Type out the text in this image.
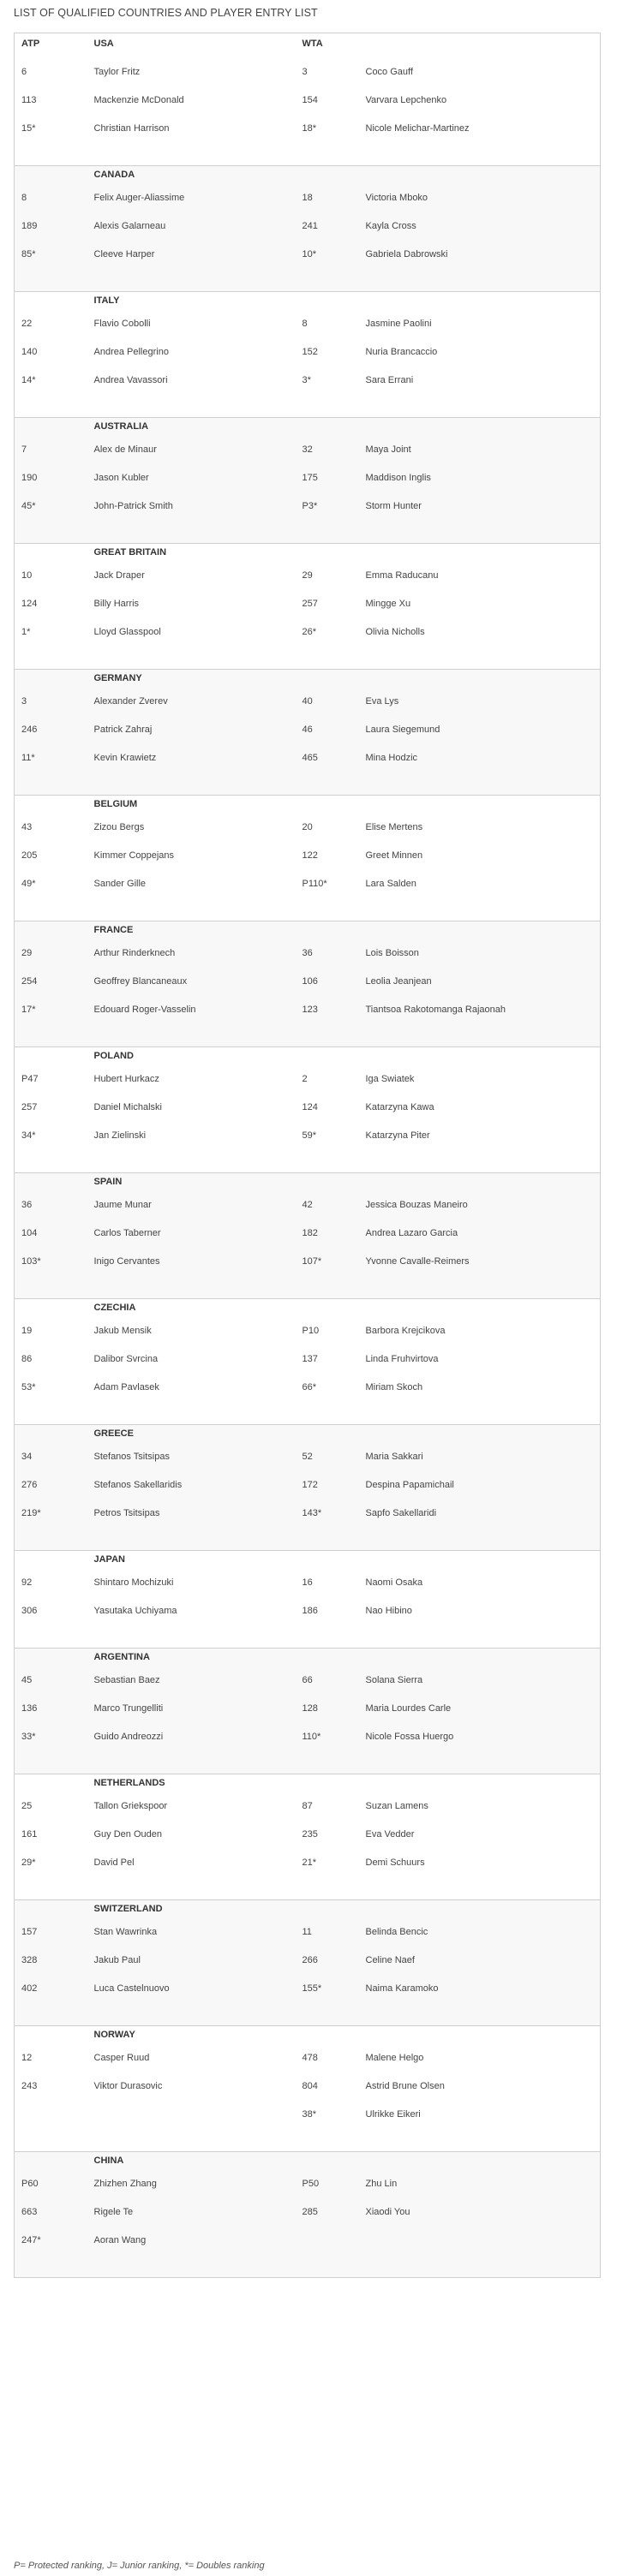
LIST OF QUALIFIED COUNTRIES AND PLAYER ENTRY LIST
ATP	USA	WTA	

6	Taylor Fritz	3	Coco Gauff
113	Mackenzie McDonald	154	Varvara Lepchenko
15*	Christian Harrison	18*	Nicole Melichar-Martinez

	CANADA		
8	Felix Auger-Aliassime	18	Victoria Mboko
189	Alexis Galarneau	241	Kayla Cross
85*	Cleeve Harper	10*	Gabriela Dabrowski

	ITALY		
22	Flavio Cobolli	8	Jasmine Paolini
140	Andrea Pellegrino	152	Nuria Brancaccio
14*	Andrea Vavassori	3*	Sara Errani

	AUSTRALIA		
7	Alex de Minaur	32	Maya Joint
190	Jason Kubler	175	Maddison Inglis
45*	John-Patrick Smith	P3*	Storm Hunter

	GREAT BRITAIN		
10	Jack Draper	29	Emma Raducanu
124	Billy Harris	257	Mingge Xu
1*	Lloyd Glasspool	26*	Olivia Nicholls

	GERMANY		
3	Alexander Zverev	40	Eva Lys
246	Patrick Zahraj	46	Laura Siegemund
11*	Kevin Krawietz	465	Mina Hodzic

	BELGIUM		
43	Zizou Bergs	20	Elise Mertens
205	Kimmer Coppejans	122	Greet Minnen
49*	Sander Gille	P110*	Lara Salden

	FRANCE		
29	Arthur Rinderknech	36	Lois Boisson
254	Geoffrey Blancaneaux	106	Leolia Jeanjean
17*	Edouard Roger-Vasselin	123	Tiantsoa Rakotomanga Rajaonah

	POLAND		
P47	Hubert Hurkacz	2	Iga Swiatek
257	Daniel Michalski	124	Katarzyna Kawa
34*	Jan Zielinski	59*	Katarzyna Piter

	SPAIN		
36	Jaume Munar	42	Jessica Bouzas Maneiro
104	Carlos Taberner	182	Andrea Lazaro Garcia
103*	Inigo Cervantes	107*	Yvonne Cavalle-Reimers

	CZECHIA		
19	Jakub Mensik	P10	Barbora Krejcikova
86	Dalibor Svrcina	137	Linda Fruhvirtova
53*	Adam Pavlasek	66*	Miriam Skoch

	GREECE		
34	Stefanos Tsitsipas	52	Maria Sakkari
276	Stefanos Sakellaridis	172	Despina Papamichail
219*	Petros Tsitsipas	143*	Sapfo Sakellaridi

	JAPAN		
92	Shintaro Mochizuki	16	Naomi Osaka
306	Yasutaka Uchiyama	186	Nao Hibino

	ARGENTINA		
45	Sebastian Baez	66	Solana Sierra
136	Marco Trungelliti	128	Maria Lourdes Carle
33*	Guido Andreozzi	110*	Nicole Fossa Huergo

	NETHERLANDS		
25	Tallon Griekspoor	87	Suzan Lamens
161	Guy Den Ouden	235	Eva Vedder
29*	David Pel	21*	Demi Schuurs

	SWITZERLAND		
157	Stan Wawrinka	11	Belinda Bencic
328	Jakub Paul	266	Celine Naef
402	Luca Castelnuovo	155*	Naima Karamoko

	NORWAY		
12	Casper Ruud	478	Malene Helgo
243	Viktor Durasovic	804	Astrid Brune Olsen
		38*	Ulrikke Eikeri

	CHINA		
P60	Zhizhen Zhang	P50	Zhu Lin
663	Rigele Te	285	Xiaodi You
247*	Aoran Wang		

P= Protected ranking, J= Junior ranking, *= Doubles ranking
